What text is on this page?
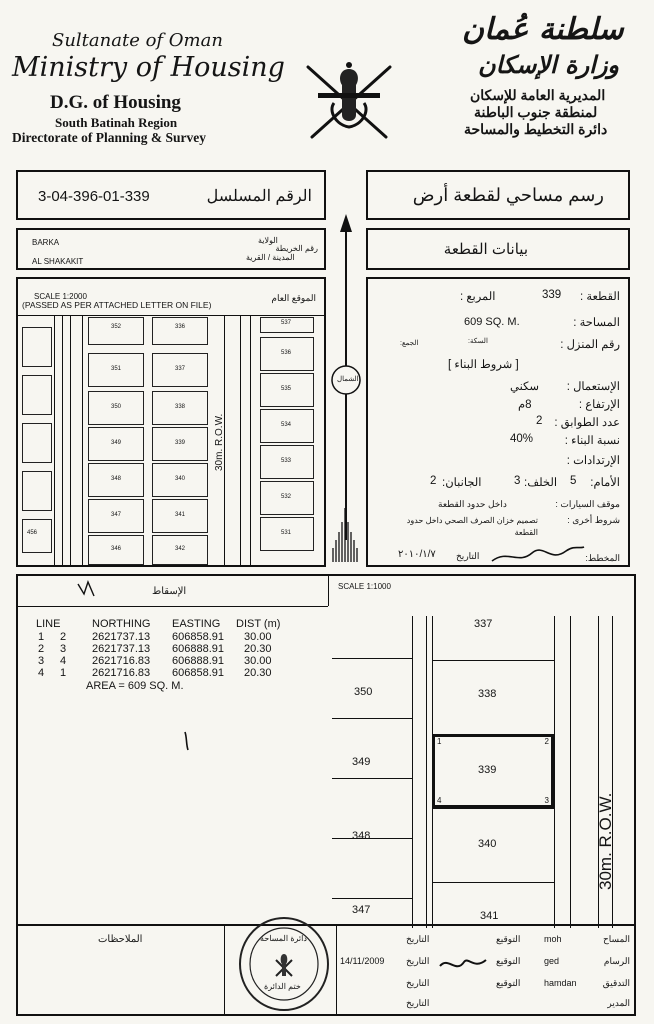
Sultanate of Oman
Ministry of Housing
D.G. of Housing
South Batinah Region
Directorate of Planning & Survey
سلطنة عُمان
وزارة الإسكان
المديرية العامة للإسكان
لمنطقة جنوب الباطنة
دائرة التخطيط والمساحة
الرقم المسلسل
3-04-396-01-339	رسم مساحي لقطعة أرض
BARKA
AL SHAKAKIT
الولاية
المدينة / القرية
رقم الخريطة	بيانات القطعة
SCALE 1:2000
(PASSED AS PER ATTACHED LETTER ON FILE)
الموقع العام
30m. R.O.W.
456
352
351
350
349
348
347
346
336
337
338
339
340
341
342
537
536
535
534
533
532
531
الشمال
القطعة :
339
المربع :
المساحة :
609 SQ. M.
رقم المنزل :
السكة:
الجمع:
[ شروط البناء ]
الإستعمال :
سكني
الإرتفاع :
8م
عدد الطوابق :
2
نسبة البناء :
40%
الإرتدادات :
الأمام:
5
الخلف:
3
الجانبان:
2
موقف السيارات :
داخل حدود القطعة
شروط أخرى :
تصميم خزان الصرف الصحي داخل حدود القطعة
المخطط:
التاريخ
٢٠١٠/١/٧
الإسقاط	SCALE 1:1000
LINE	NORTHING EASTING DIST (m)
1 2 2621737.13 606858.91 30.00
2 3 2621737.13 606888.91 20.30
3 4 2621716.83 606888.91 30.00
4 1 2621716.83 606858.91 20.30
AREA = 609 SQ. M.
337
338
339
340
341
350
349
348
347
1	2
3
4	30m. R.O.W.
الملاحظات	دائرة المساحة
ختم الدائرة
المساح
moh
التوقيع
التاريخ
الرسام
ged
التوقيع
التاريخ
14/11/2009
التدقيق
hamdan
التوقيع
التاريخ
المدير
التاريخ
